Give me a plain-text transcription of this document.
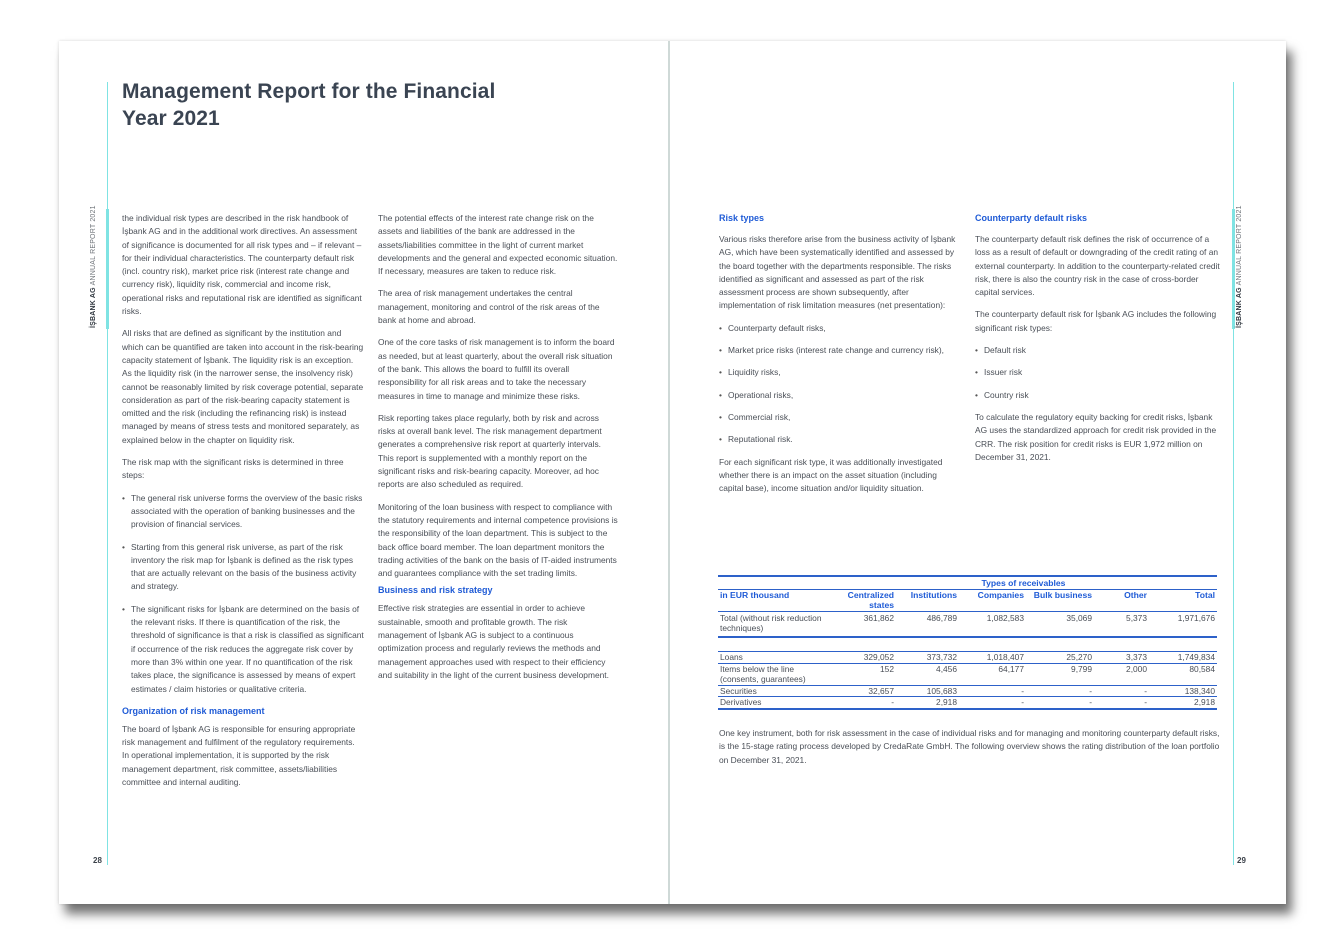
İŞBANK AG ANNUAL REPORT 2021
Management Report for the Financial
Year 2021

the individual risk types are described in the risk handbook of İşbank AG and in the additional work directives. An assessment of significance is documented for all risk types and – if relevant – for their individual characteristics. The counterparty default risk (incl. country risk), market price risk (interest rate change and currency risk), liquidity risk, commercial and income risk, operational risks and reputational risk are identified as significant risks.

All risks that are defined as significant by the institution and which can be quantified are taken into account in the risk-bearing capacity statement of İşbank. The liquidity risk is an exception. As the liquidity risk (in the narrower sense, the insolvency risk) cannot be reasonably limited by risk coverage potential, separate consideration as part of the risk-bearing capacity statement is omitted and the risk (including the refinancing risk) is instead managed by means of stress tests and monitored separately, as explained below in the chapter on liquidity risk.

The risk map with the significant risks is determined in three steps:

• The general risk universe forms the overview of the basic risks associated with the operation of banking businesses and the provision of financial services.
• Starting from this general risk universe, as part of the risk inventory the risk map for İşbank is defined as the risk types that are actually relevant on the basis of the business activity and strategy.
• The significant risks for İşbank are determined on the basis of the relevant risks. If there is quantification of the risk, the threshold of significance is that a risk is classified as significant if occurrence of the risk reduces the aggregate risk cover by more than 3% within one year. If no quantification of the risk takes place, the significance is assessed by means of expert estimates / claim histories or qualitative criteria.
Organization of risk management

The board of İşbank AG is responsible for ensuring appropriate risk management and fulfilment of the regulatory requirements. In operational implementation, it is supported by the risk management department, risk committee, assets/liabilities committee and internal auditing.

The potential effects of the interest rate change risk on the assets and liabilities of the bank are addressed in the assets/liabilities committee in the light of current market developments and the general and expected economic situation. If necessary, measures are taken to reduce risk.

The area of risk management undertakes the central management, monitoring and control of the risk areas of the bank at home and abroad.

One of the core tasks of risk management is to inform the board as needed, but at least quarterly, about the overall risk situation of the bank. This allows the board to fulfill its overall responsibility for all risk areas and to take the necessary measures in time to manage and minimize these risks.

Risk reporting takes place regularly, both by risk and across risks at overall bank level. The risk management department generates a comprehensive risk report at quarterly intervals. This report is supplemented with a monthly report on the significant risks and risk-bearing capacity. Moreover, ad hoc reports are also scheduled as required.

Monitoring of the loan business with respect to compliance with the statutory requirements and internal competence provisions is the responsibility of the loan department. This is subject to the back office board member. The loan department monitors the trading activities of the bank on the basis of IT-aided instruments and guarantees compliance with the set trading limits.

Business and risk strategy

Effective risk strategies are essential in order to achieve sustainable, smooth and profitable growth. The risk management of İşbank AG is subject to a continuous optimization process and regularly reviews the methods and management approaches used with respect to their efficiency and suitability in the light of the current business development.

28
İŞBANK AG ANNUAL REPORT 2021
Risk types

Various risks therefore arise from the business activity of İşbank AG, which have been systematically identified and assessed by the board together with the departments responsible. The risks identified as significant and assessed as part of the risk assessment process are shown subsequently, after implementation of risk limitation measures (net presentation):

• Counterparty default risks,
• Market price risks (interest rate change and currency risk),
• Liquidity risks,
• Operational risks,
• Commercial risk,
• Reputational risk.

For each significant risk type, it was additionally investigated whether there is an impact on the asset situation (including capital base), income situation and/or liquidity situation.

Counterparty default risks

The counterparty default risk defines the risk of occurrence of a loss as a result of default or downgrading of the credit rating of an external counterparty. In addition to the counterparty-related credit risk, there is also the country risk in the case of cross-border capital services.

The counterparty default risk for İşbank AG includes the following significant risk types:

• Default risk
• Issuer risk
• Country risk

To calculate the regulatory equity backing for credit risks, İşbank AG uses the standardized approach for credit risk provided in the CRR. The risk position for credit risks is EUR 1,972 million on December 31, 2021.

One key instrument, both for risk assessment in the case of individual risks and for managing and monitoring counterparty default risks, is the 15-stage rating process developed by CredaRate GmbH. The following overview shows the rating distribution of the loan portfolio on December 31, 2021.

29
	Types of receivables					
in EUR thousand	Centralized states	Institutions	Companies	Bulk business	Other	Total
Total (without risk reduction techniques)	361,862	486,789	1,082,583	35,069	5,373	1,971,676

Loans	329,052	373,732	1,018,407	25,270	3,373	1,749,834
Items below the line (consents, guarantees)	152	4,456	64,177	9,799	2,000	80,584
Securities	32,657	105,683	-	-	-	138,340
Derivatives	-	2,918	-	-	-	2,918
